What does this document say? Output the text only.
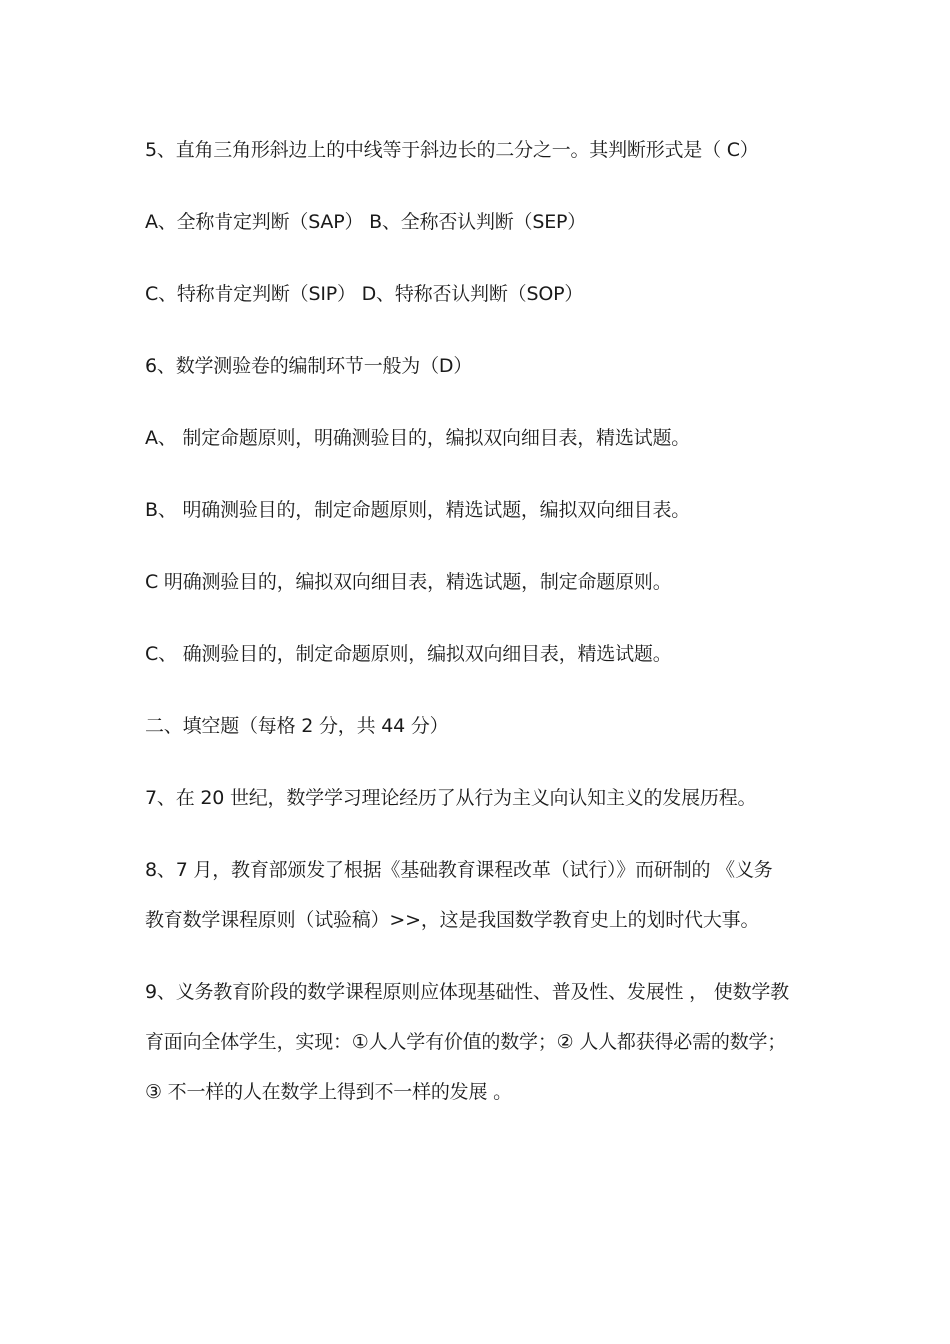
5、直角三角形斜边上的中线等于斜边长的二分之一。其判断形式是（ C）
A、全称肯定判断（SAP） B、全称否认判断（SEP）
C、特称肯定判断（SIP） D、特称否认判断（SOP）
6、数学测验卷的编制环节一般为（D）
A、 制定命题原则，明确测验目的，编拟双向细目表，精选试题。
B、 明确测验目的，制定命题原则，精选试题，编拟双向细目表。
C 明确测验目的，编拟双向细目表，精选试题，制定命题原则。
C、 确测验目的，制定命题原则，编拟双向细目表，精选试题。
二、填空题（每格 2 分，共 44 分）
7、在 20 世纪，数学学习理论经历了从行为主义向认知主义的发展历程。
8、7 月，教育部颁发了根据《基础教育课程改革（试行）》而研制的 《义务
教育数学课程原则（试验稿）>>，这是我国数学教育史上的划时代大事。
9、义务教育阶段的数学课程原则应体现基础性、普及性、发展性 ， 使数学教
育面向全体学生，实现：①人人学有价值的数学；② 人人都获得必需的数学；
③ 不一样的人在数学上得到不一样的发展 。
